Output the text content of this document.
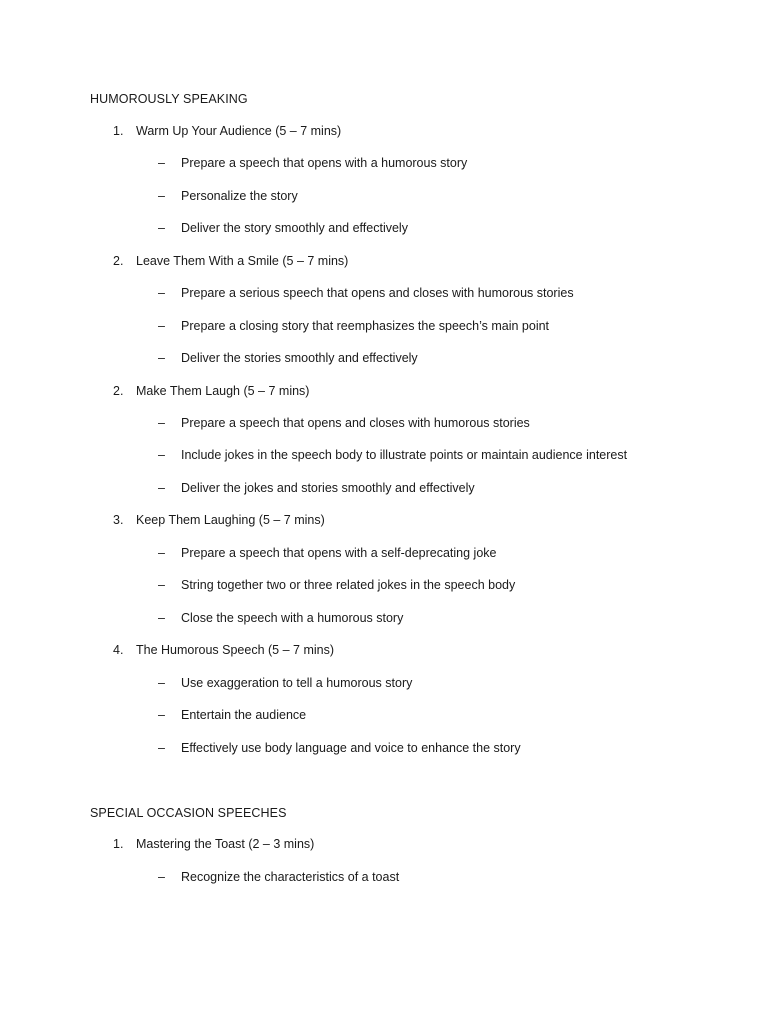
HUMOROUSLY SPEAKING
1.	Warm Up Your Audience (5 – 7 mins)
– Prepare a speech that opens with a humorous story
– Personalize the story
– Deliver the story smoothly and effectively
2.	Leave Them With a Smile (5 – 7 mins)
– Prepare a serious speech that opens and closes with humorous stories
– Prepare a closing story that reemphasizes the speech’s main point
– Deliver the stories smoothly and effectively
2.	Make Them Laugh (5 – 7 mins)
– Prepare a speech that opens and closes with humorous stories
– Include jokes in the speech body to illustrate points or maintain audience interest
– Deliver the jokes and stories smoothly and effectively
3.	Keep Them Laughing (5 – 7 mins)
– Prepare a speech that opens with a self-deprecating joke
– String together two or three related jokes in the speech body
– Close the speech with a humorous story
4.	The Humorous Speech (5 – 7 mins)
– Use exaggeration to tell a humorous story
– Entertain the audience
– Effectively use body language and voice to enhance the story
SPECIAL OCCASION SPEECHES
1.	Mastering the Toast (2 – 3 mins)
– Recognize the characteristics of a toast
